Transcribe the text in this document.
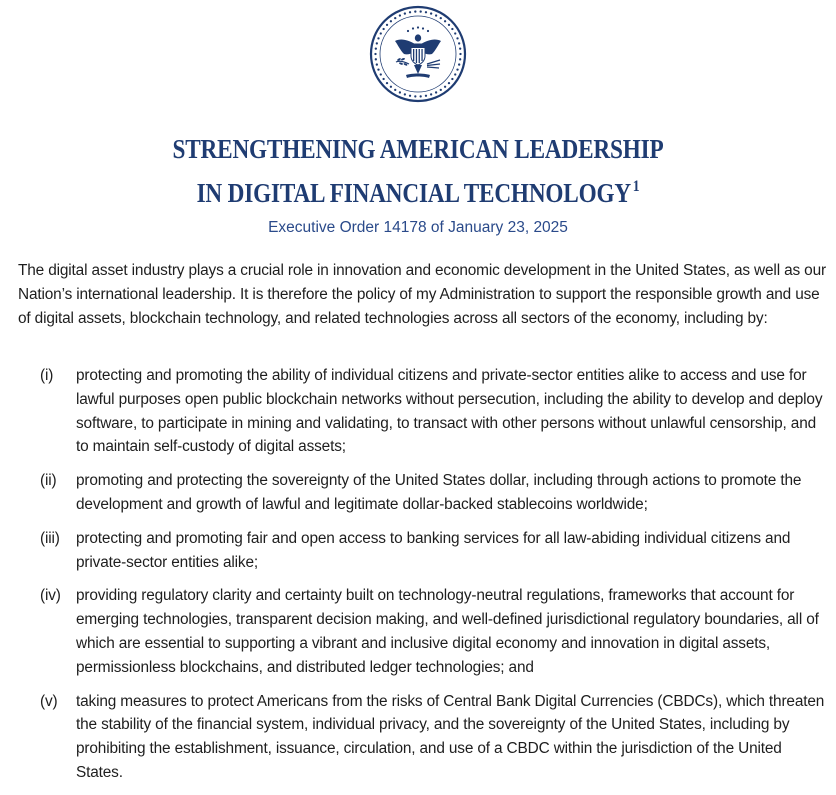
STRENGTHENING AMERICAN LEADERSHIP
IN DIGITAL FINANCIAL TECHNOLOGY $^1$
Executive Order 14178 of January 23, 2025

The digital asset industry plays a crucial role in innovation and economic development in the United States, as well as our Nation’s international leadership. It is therefore the policy of my Administration to support the responsible growth and use of digital assets, blockchain technology, and related technologies across all sectors of the economy, including by:

(i) protecting and promoting the ability of individual citizens and private-sector entities alike to access and use for lawful purposes open public blockchain networks without persecution, including the ability to develop and deploy software, to participate in mining and validating, to transact with other persons without unlawful censorship, and to maintain self-custody of digital assets;
(ii) promoting and protecting the sovereignty of the United States dollar, including through actions to promote the development and growth of lawful and legitimate dollar-backed stablecoins worldwide;
(iii) protecting and promoting fair and open access to banking services for all law-abiding individual citizens and private-sector entities alike;
(iv) providing regulatory clarity and certainty built on technology-neutral regulations, frameworks that account for emerging technologies, transparent decision making, and well-defined jurisdictional regulatory boundaries, all of which are essential to supporting a vibrant and inclusive digital economy and innovation in digital assets, permissionless blockchains, and distributed ledger technologies; and
(v) taking measures to protect Americans from the risks of Central Bank Digital Currencies (CBDCs), which threaten the stability of the financial system, individual privacy, and the sovereignty of the United States, including by prohibiting the establishment, issuance, circulation, and use of a CBDC within the jurisdiction of the United States.
